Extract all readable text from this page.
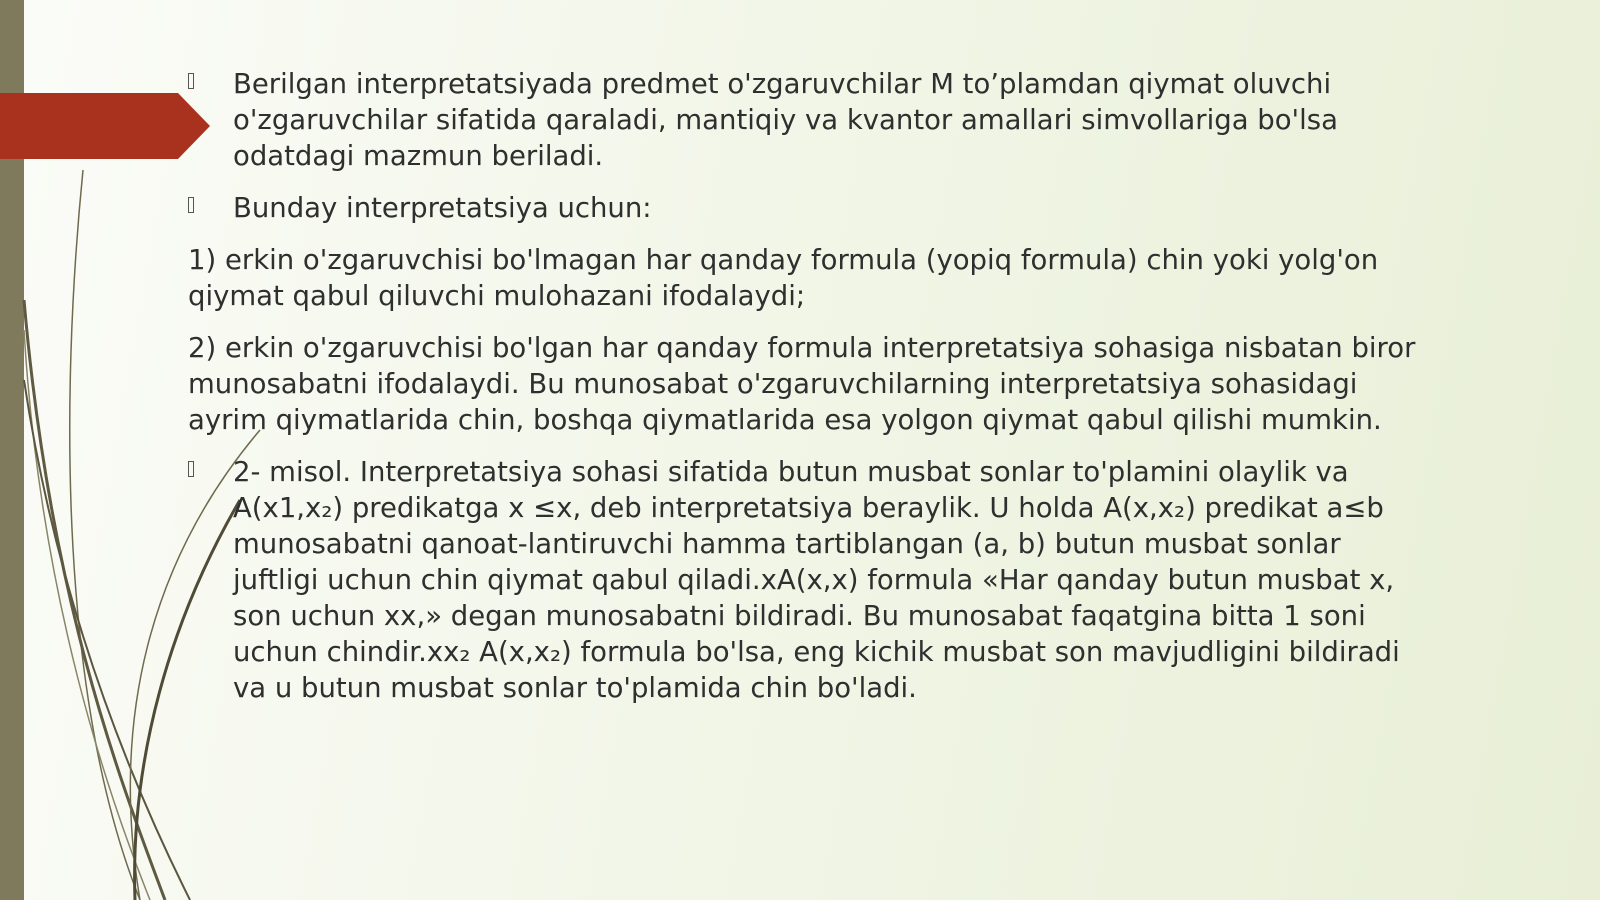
Berilgan interpretatsiyada predmet o'zgaruvchilar M to’plamdan qiymat oluvchi o'zgaruvchilar sifatida qaraladi, mantiqiy va kvantor amallari simvollariga bo'lsa odatdagi mazmun beriladi.
Bunday interpretatsiya uchun:
1) erkin o'zgaruvchisi bo'lmagan har qanday formula (yopiq formula) chin yoki yolg'on qiymat qabul qiluvchi mulohazani ifodalaydi;
2) erkin o'zgaruvchisi bo'lgan har qanday formula interpretatsiya sohasiga nisbatan biror munosabatni ifodalaydi. Bu munosabat o'zgaruvchilarning interpretatsiya sohasidagi ayrim qiymatlarida chin, boshqa qiymatlarida esa yolgon qiymat qabul qilishi mumkin.
2- misol. Interpretatsiya sohasi sifatida butun musbat sonlar to'plamini olaylik va A(x1,x₂) predikatga x ≤x, deb interpretatsiya beraylik. U holda A(x,x₂) predikat a≤b munosabatni qanoat-lantiruvchi hamma tartiblangan (a, b) butun musbat sonlar juftligi uchun chin qiymat qabul qiladi.xA(x,x) formula «Har qanday butun musbat x, son uchun xx,» degan munosabatni bildiradi. Bu munosabat faqatgina bitta 1 soni uchun chindir.xx₂ A(x,x₂) formula bo'lsa, eng kichik musbat son mavjudligini bildiradi va u butun musbat sonlar to'plamida chin bo'ladi.
